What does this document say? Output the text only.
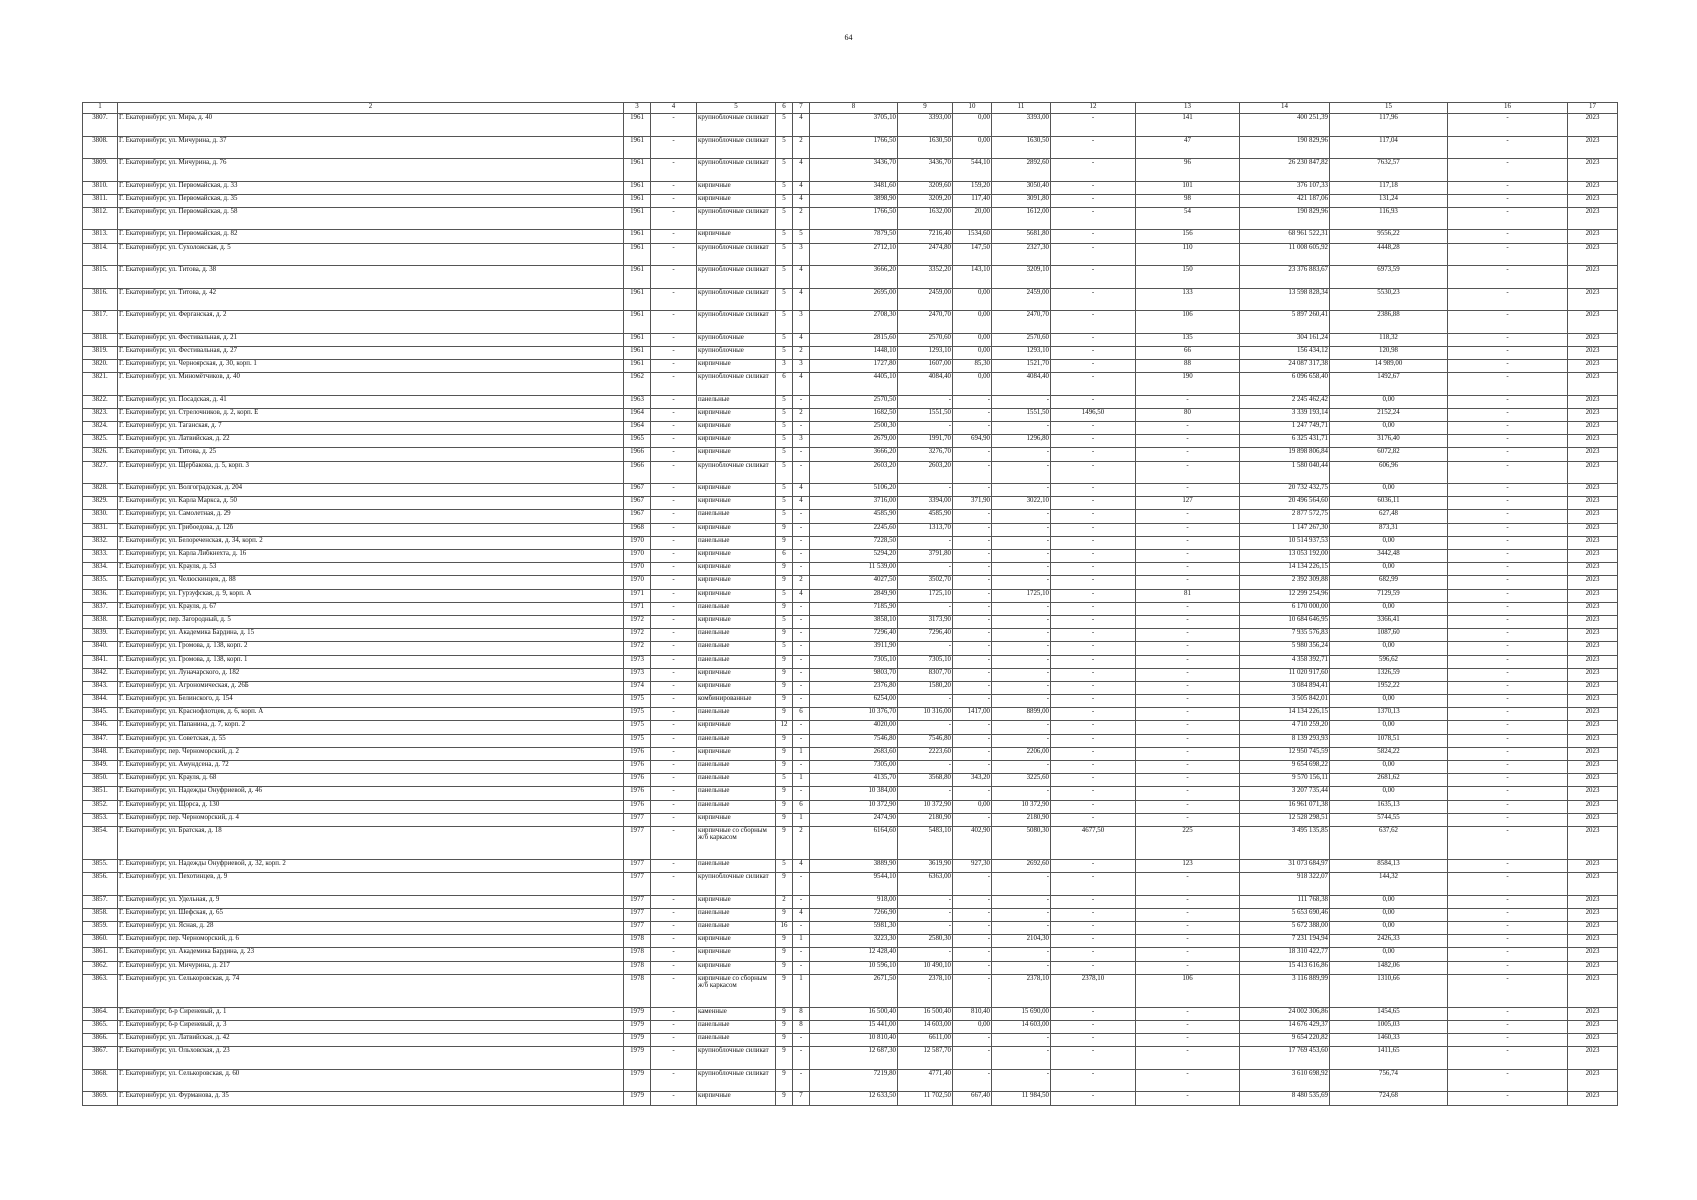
64
1	2	3	4	5	6	7	8	9	10	11	12	13	14	15	16	17
3807.	Г. Екатеринбург, ул. Мира, д. 40	1961	-	крупноблочные силикат	5	4	3705,10	3393,00	0,00	3393,00	-	141	400 251,39	117,96	-	2023
3808.	Г. Екатеринбург, ул. Мичурина, д. 37	1961	-	крупноблочные силикат	5	2	1766,50	1630,50	0,00	1630,50	-	47	190 829,96	117,04	-	2023
3809.	Г. Екатеринбург, ул. Мичурина, д. 76	1961	-	крупноблочные силикат	5	4	3436,70	3436,70	544,10	2892,60	-	96	26 230 847,82	7632,57	-	2023
3810.	Г. Екатеринбург, ул. Первомайская, д. 33	1961	-	кирпичные	5	4	3481,60	3209,60	159,20	3050,40	-	101	376 107,33	117,18	-	2023
3811.	Г. Екатеринбург, ул. Первомайская, д. 35	1961	-	кирпичные	5	4	3898,90	3209,20	117,40	3091,80	-	98	421 187,06	131,24	-	2023
3812.	Г. Екатеринбург, ул. Первомайская, д. 58	1961	-	крупноблочные силикат	5	2	1766,50	1632,00	20,00	1612,00	-	54	190 829,96	116,93	-	2023
3813.	Г. Екатеринбург, ул. Первомайская, д. 82	1961	-	кирпичные	5	5	7879,50	7216,40	1534,60	5681,80	-	156	68 961 522,31	9556,22	-	2023
3814.	Г. Екатеринбург, ул. Сухоложская, д. 5	1961	-	крупноблочные силикат	5	3	2712,10	2474,80	147,50	2327,30	-	110	11 008 605,92	4448,28	-	2023
3815.	Г. Екатеринбург, ул. Титова, д. 38	1961	-	крупноблочные силикат	5	4	3666,20	3352,20	143,10	3209,10	-	150	23 376 883,67	6973,59	-	2023
3816.	Г. Екатеринбург, ул. Титова, д. 42	1961	-	крупноблочные силикат	5	4	2695,00	2459,00	0,00	2459,00	-	133	13 598 828,34	5530,23	-	2023
3817.	Г. Екатеринбург, ул. Ферганская, д. 2	1961	-	крупноблочные силикат	5	3	2708,30	2470,70	0,00	2470,70	-	106	5 897 260,41	2386,88	-	2023
3818.	Г. Екатеринбург, ул. Фестивальная, д. 21	1961	-	крупноблочные	5	4	2815,60	2570,60	0,00	2570,60	-	135	304 161,24	118,32	-	2023
3819.	Г. Екатеринбург, ул. Фестивальная, д. 27	1961	-	крупноблочные	5	2	1448,10	1293,10	0,00	1293,10	-	66	156 434,12	120,98	-	2023
3820.	Г. Екатеринбург, ул. Черноярская, д. 30, корп. 1	1961	-	кирпичные	3	3	1727,80	1607,00	85,30	1521,70	-	88	24 087 317,38	14 989,00	-	2023
3821.	Г. Екатеринбург, ул. Миномётчиков, д. 40	1962	-	крупноблочные силикат	6	4	4405,10	4084,40	0,00	4084,40	-	190	6 096 658,40	1492,67	-	2023
3822.	Г. Екатеринбург, ул. Посадская, д. 41	1963	-	панельные	5	-	2570,50	-	-	-	-	-	2 245 462,42	0,00	-	2023
3823.	Г. Екатеринбург, ул. Стрелочников, д. 2, корп. Е	1964	-	кирпичные	5	2	1682,50	1551,50	-	1551,50	1496,50	80	3 339 193,14	2152,24	-	2023
3824.	Г. Екатеринбург, ул. Таганская, д. 7	1964	-	кирпичные	5	-	2500,30	-	-	-	-	-	1 247 749,71	0,00	-	2023
3825.	Г. Екатеринбург, ул. Латвийская, д. 22	1965	-	кирпичные	5	3	2679,00	1991,70	694,90	1296,80	-	-	6 325 431,71	3176,40	-	2023
3826.	Г. Екатеринбург, ул. Титова, д. 25	1966	-	кирпичные	5	-	3666,20	3276,70	-	-	-	-	19 898 806,84	6072,82	-	2023
3827.	Г. Екатеринбург, ул. Щербакова, д. 5, корп. 3	1966	-	крупноблочные силикат	5	-	2603,20	2603,20	-	-	-	-	1 580 040,44	606,96	-	2023
3828.	Г. Екатеринбург, ул. Волгоградская, д. 204	1967	-	кирпичные	5	4	5106,20	-	-	-	-	-	20 732 432,75	0,00	-	2023
3829.	Г. Екатеринбург, ул. Карла Маркса, д. 50	1967	-	кирпичные	5	4	3716,00	3394,00	371,90	3022,10	-	127	20 496 564,60	6036,11	-	2023
3830.	Г. Екатеринбург, ул. Самолетная, д. 29	1967	-	панельные	5	-	4585,90	4585,90	-	-	-	-	2 877 572,75	627,48	-	2023
3831.	Г. Екатеринбург, ул. Грибоедова, д. 12б	1968	-	кирпичные	9	-	2245,60	1313,70	-	-	-	-	1 147 267,30	873,31	-	2023
3832.	Г. Екатеринбург, ул. Белореченская, д. 34, корп. 2	1970	-	панельные	9	-	7228,50	-	-	-	-	-	10 514 937,53	0,00	-	2023
3833.	Г. Екатеринбург, ул. Карла Либкнехта, д. 16	1970	-	кирпичные	6	-	5294,20	3791,80	-	-	-	-	13 053 192,00	3442,48	-	2023
3834.	Г. Екатеринбург, ул. Крауля, д. 53	1970	-	кирпичные	9	-	11 539,00	-	-	-	-	-	14 134 226,15	0,00	-	2023
3835.	Г. Екатеринбург, ул. Челюскинцев, д. 88	1970	-	кирпичные	9	2	4027,50	3502,70	-	-	-	-	2 392 309,88	682,99	-	2023
3836.	Г. Екатеринбург, ул. Гурзуфская, д. 9, корп. А	1971	-	кирпичные	5	4	2849,90	1725,10	-	1725,10	-	81	12 299 254,96	7129,59	-	2023
3837.	Г. Екатеринбург, ул. Крауля, д. 67	1971	-	панельные	9	-	7185,90	-	-	-	-	-	6 170 000,00	0,00	-	2023
3838.	Г. Екатеринбург, пер. Загородный, д. 5	1972	-	кирпичные	5	-	3858,10	3173,90	-	-	-	-	10 684 646,95	3366,41	-	2023
3839.	Г. Екатеринбург, ул. Академика Бардина, д. 15	1972	-	панельные	9	-	7296,40	7296,40	-	-	-	-	7 935 576,83	1087,60	-	2023
3840.	Г. Екатеринбург, ул. Громова, д. 138, корп. 2	1972	-	панельные	5	-	3911,90	-	-	-	-	-	5 980 356,24	0,00	-	2023
3841.	Г. Екатеринбург, ул. Громова, д. 138, корп. 1	1973	-	панельные	9	-	7305,10	7305,10	-	-	-	-	4 358 392,71	596,62	-	2023
3842.	Г. Екатеринбург, ул. Луначарского, д. 182	1973	-	кирпичные	9	-	9803,70	8307,70	-	-	-	-	11 020 917,60	1326,59	-	2023
3843.	Г. Екатеринбург, ул. Агрономическая, д. 26Б	1974	-	кирпичные	9	-	2376,80	1580,20	-	-	-	-	3 084 894,41	1952,22	-	2023
3844.	Г. Екатеринбург, ул. Белинского, д. 154	1975	-	комбинированные	9	-	6254,00	-	-	-	-	-	3 505 842,01	0,00	-	2023
3845.	Г. Екатеринбург, ул. Краснофлотцев, д. 6, корп. А	1975	-	панельные	9	6	10 376,70	10 316,00	1417,00	8899,00	-	-	14 134 226,15	1370,13	-	2023
3846.	Г. Екатеринбург, ул. Папанина, д. 7, корп. 2	1975	-	кирпичные	12	-	4020,00	-	-	-	-	-	4 710 259,20	0,00	-	2023
3847.	Г. Екатеринбург, ул. Советская, д. 55	1975	-	панельные	9	-	7546,80	7546,80	-	-	-	-	8 139 293,93	1078,51	-	2023
3848.	Г. Екатеринбург, пер. Черноморский, д. 2	1976	-	кирпичные	9	1	2683,60	2223,60	-	2206,00	-	-	12 950 745,59	5824,22	-	2023
3849.	Г. Екатеринбург, ул. Амундсена, д. 72	1976	-	панельные	9	-	7305,00	-	-	-	-	-	9 654 698,22	0,00	-	2023
3850.	Г. Екатеринбург, ул. Крауля, д. 68	1976	-	панельные	5	1	4135,70	3568,80	343,20	3225,60	-	-	9 570 156,11	2681,62	-	2023
3851.	Г. Екатеринбург, ул. Надежды Онуфриевой, д. 46	1976	-	панельные	9	-	10 384,00	-	-	-	-	-	3 207 735,44	0,00	-	2023
3852.	Г. Екатеринбург, ул. Щорса, д. 130	1976	-	панельные	9	6	10 372,90	10 372,90	0,00	10 372,90	-	-	16 961 071,38	1635,13	-	2023
3853.	Г. Екатеринбург, пер. Черноморский, д. 4	1977	-	кирпичные	9	1	2474,90	2180,90	-	2180,90	-	-	12 528 298,51	5744,55	-	2023
3854.	Г. Екатеринбург, ул. Братская, д. 18	1977	-	кирпичные со сборным ж/б каркасом	9	2	6164,60	5483,10	402,90	5080,30	4677,50	225	3 495 135,85	637,62	-	2023
3855.	Г. Екатеринбург, ул. Надежды Онуфриевой, д. 32, корп. 2	1977	-	панельные	5	4	3889,90	3619,90	927,30	2692,60	-	123	31 073 684,97	8584,13	-	2023
3856.	Г. Екатеринбург, ул. Пехотинцев, д. 9	1977	-	крупноблочные силикат	9	-	9544,10	6363,00	-	-	-	-	918 322,07	144,32	-	2023
3857.	Г. Екатеринбург, ул. Удельная, д. 9	1977	-	кирпичные	2	-	918,00	-	-	-	-	-	111 768,38	0,00	-	2023
3858.	Г. Екатеринбург, ул. Шефская, д. 65	1977	-	панельные	9	4	7266,90	-	-	-	-	-	5 653 690,46	0,00	-	2023
3859.	Г. Екатеринбург, ул. Ясная, д. 28	1977	-	панельные	16	-	5981,30	-	-	-	-	-	5 672 388,00	0,00	-	2023
3860.	Г. Екатеринбург, пер. Черноморский, д. 6	1978	-	кирпичные	9	1	3223,30	2580,30	-	2104,30	-	-	7 231 194,94	2426,33	-	2023
3861.	Г. Екатеринбург, ул. Академика Бардина, д. 23	1978	-	кирпичные	9	-	12 428,40	-	-	-	-	-	18 310 422,77	0,00	-	2023
3862.	Г. Екатеринбург, ул. Мичурина, д. 217	1978	-	кирпичные	9	-	10 596,10	10 490,10	-	-	-	-	15 413 616,86	1482,06	-	2023
3863.	Г. Екатеринбург, ул. Селькоровская, д. 74	1978	-	кирпичные со сборным ж/б каркасом	9	1	2671,50	2378,10	-	2378,10	2378,10	106	3 116 889,99	1310,66	-	2023
3864.	Г. Екатеринбург, б-р Сиреневый, д. 1	1979	-	каменные	9	8	16 500,40	16 500,40	810,40	15 690,00	-	-	24 002 306,86	1454,65	-	2023
3865.	Г. Екатеринбург, б-р Сиреневый, д. 3	1979	-	панельные	9	8	15 441,00	14 603,00	0,00	14 603,00	-	-	14 676 429,37	1005,03	-	2023
3866.	Г. Екатеринбург, ул. Латвийская, д. 42	1979	-	панельные	9	-	10 810,40	6611,00	-	-	-	-	9 654 220,82	1460,33	-	2023
3867.	Г. Екатеринбург, ул. Ольховская, д. 23	1979	-	крупноблочные силикат	9	-	12 687,30	12 587,70	-	-	-	-	17 769 453,60	1411,65	-	2023
3868.	Г. Екатеринбург, ул. Селькоровская, д. 60	1979	-	крупноблочные силикат	9	-	7219,80	4771,40	-	-	-	-	3 610 698,92	756,74	-	2023
3869.	Г. Екатеринбург, ул. Фурманова, д. 35	1979	-	кирпичные	9	7	12 633,50	11 702,50	667,40	11 984,50	-	-	8 480 535,69	724,68	-	2023
